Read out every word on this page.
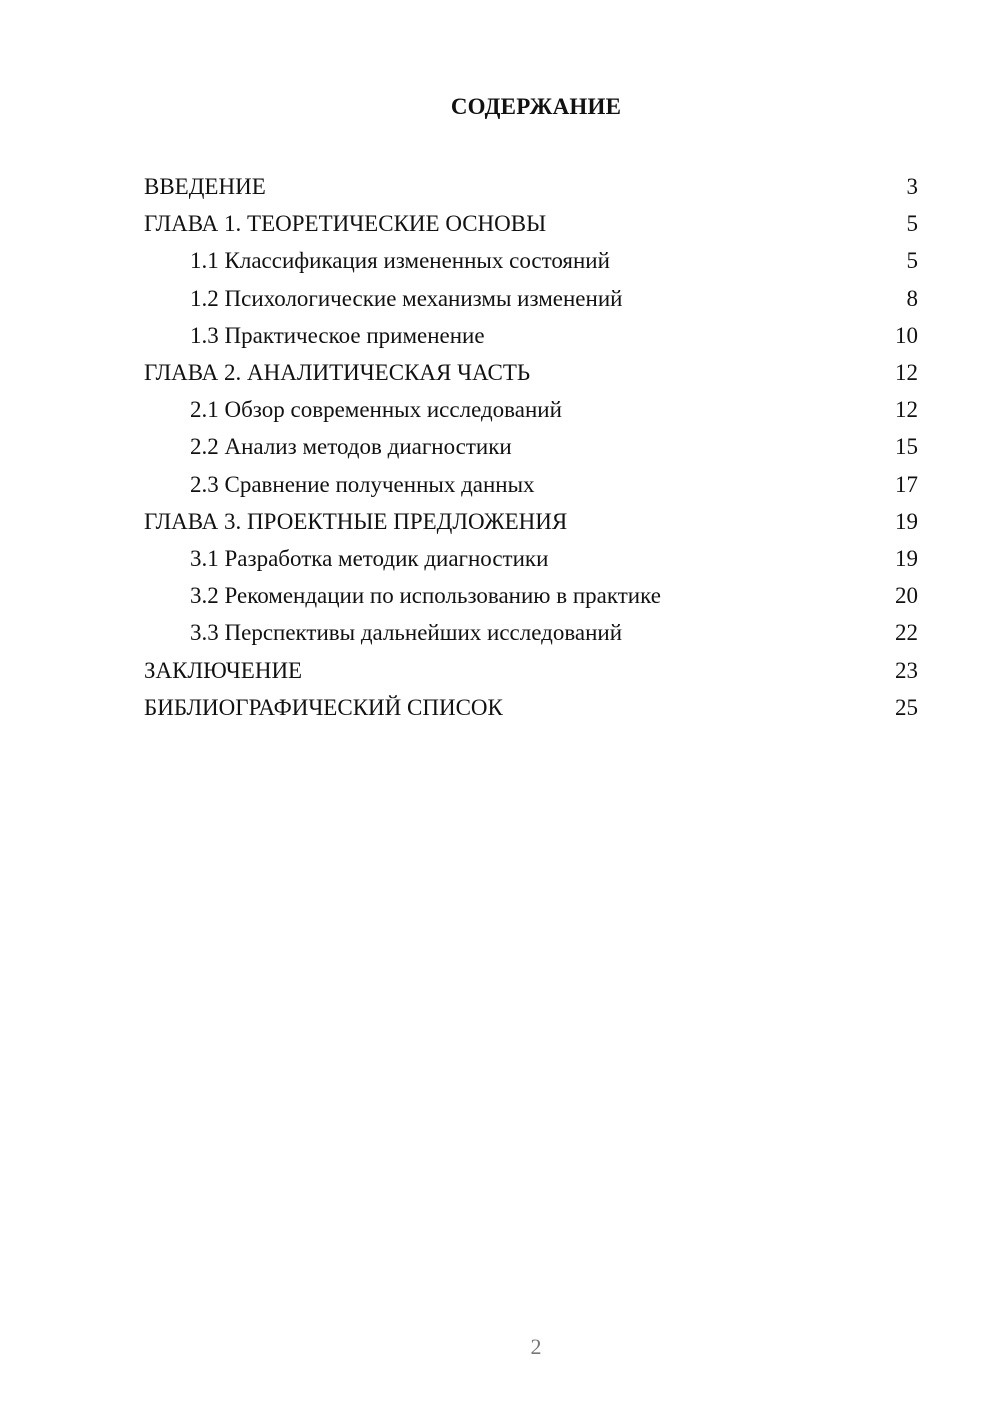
СОДЕРЖАНИЕ
ВВЕДЕНИЕ	3
ГЛАВА 1. ТЕОРЕТИЧЕСКИЕ ОСНОВЫ	5
1.1 Классификация измененных состояний	5
1.2 Психологические механизмы изменений	8
1.3 Практическое применение	10
ГЛАВА 2. АНАЛИТИЧЕСКАЯ ЧАСТЬ	12
2.1 Обзор современных исследований	12
2.2 Анализ методов диагностики	15
2.3 Сравнение полученных данных	17
ГЛАВА 3. ПРОЕКТНЫЕ ПРЕДЛОЖЕНИЯ	19
3.1 Разработка методик диагностики	19
3.2 Рекомендации по использованию в практике	20
3.3 Перспективы дальнейших исследований	22
ЗАКЛЮЧЕНИЕ	23
БИБЛИОГРАФИЧЕСКИЙ СПИСОК	25
2
